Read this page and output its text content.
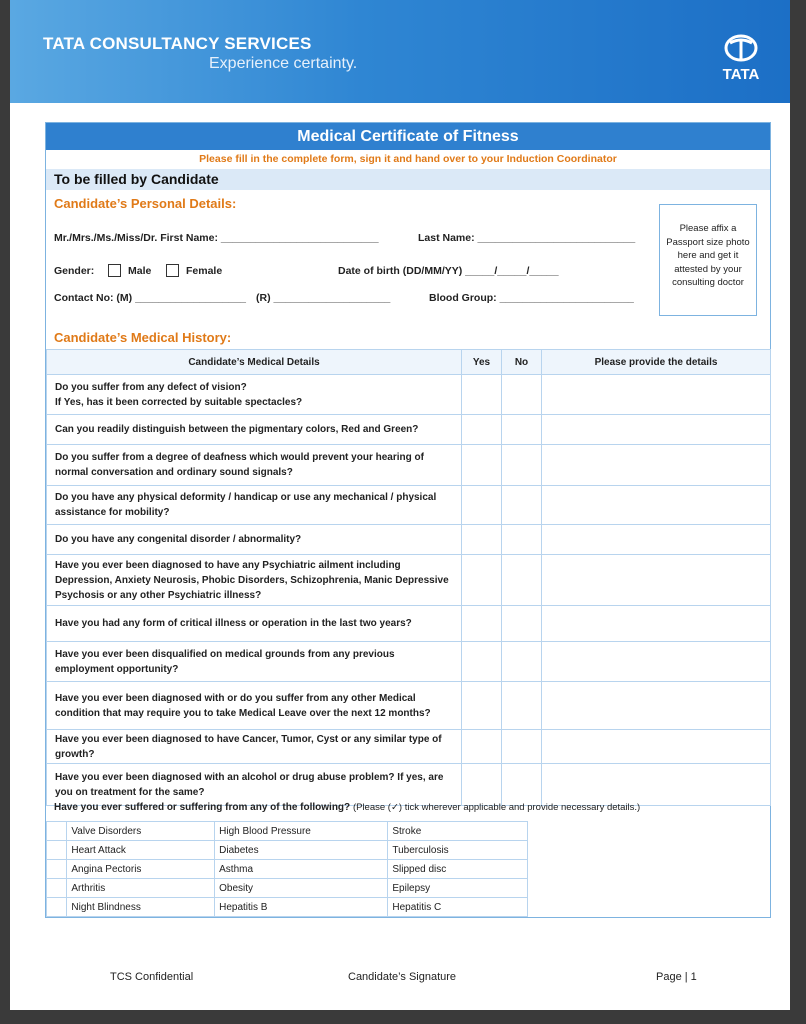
TATA CONSULTANCY SERVICES
Experience certainty.
TATA
Medical Certificate of Fitness
Please fill in the complete form, sign it and hand over to your Induction Coordinator
To be filled by Candidate
Candidate’s Personal Details:
Mr./Mrs./Ms./Miss/Dr. First Name: ___________________________	Last Name: ___________________________
Gender:	Male	Female	Date of birth (DD/MM/YY) _____/_____/_____
Contact No: (M) ___________________ (R) ____________________	Blood Group: _______________________
Please affix a Passport size photo here and get it attested by your consulting doctor
Candidate’s Medical History:
Candidate’s Medical Details	Yes	No	Please provide the details
Do you suffer from any defect of vision?
If Yes, has it been corrected by suitable spectacles?			
Can you readily distinguish between the pigmentary colors, Red and Green?			
Do you suffer from a degree of deafness which would prevent your hearing of normal conversation and ordinary sound signals?			
Do you have any physical deformity / handicap or use any mechanical / physical assistance for mobility?			
Do you have any congenital disorder / abnormality?			
Have you ever been diagnosed to have any Psychiatric ailment including Depression, Anxiety Neurosis, Phobic Disorders, Schizophrenia, Manic Depressive Psychosis or any other Psychiatric illness?			
Have you had any form of critical illness or operation in the last two years?			
Have you ever been disqualified on medical grounds from any previous employment opportunity?			
Have you ever been diagnosed with or do you suffer from any other Medical condition that may require you to take Medical Leave over the next 12 months?			
Have you ever been diagnosed to have Cancer, Tumor, Cyst or any similar type of growth?			
Have you ever been diagnosed with an alcohol or drug abuse problem? If yes, are you on treatment for the same?			
Have you ever suffered or suffering from any of the following? (Please (✓) tick wherever applicable and provide necessary details.)
	Valve Disorders	High Blood Pressure	Stroke
	Heart Attack	Diabetes	Tuberculosis
	Angina Pectoris	Asthma	Slipped disc
	Arthritis	Obesity	Epilepsy
	Night Blindness	Hepatitis B	Hepatitis C
TCS Confidential	Candidate’s Signature	Page | 1
